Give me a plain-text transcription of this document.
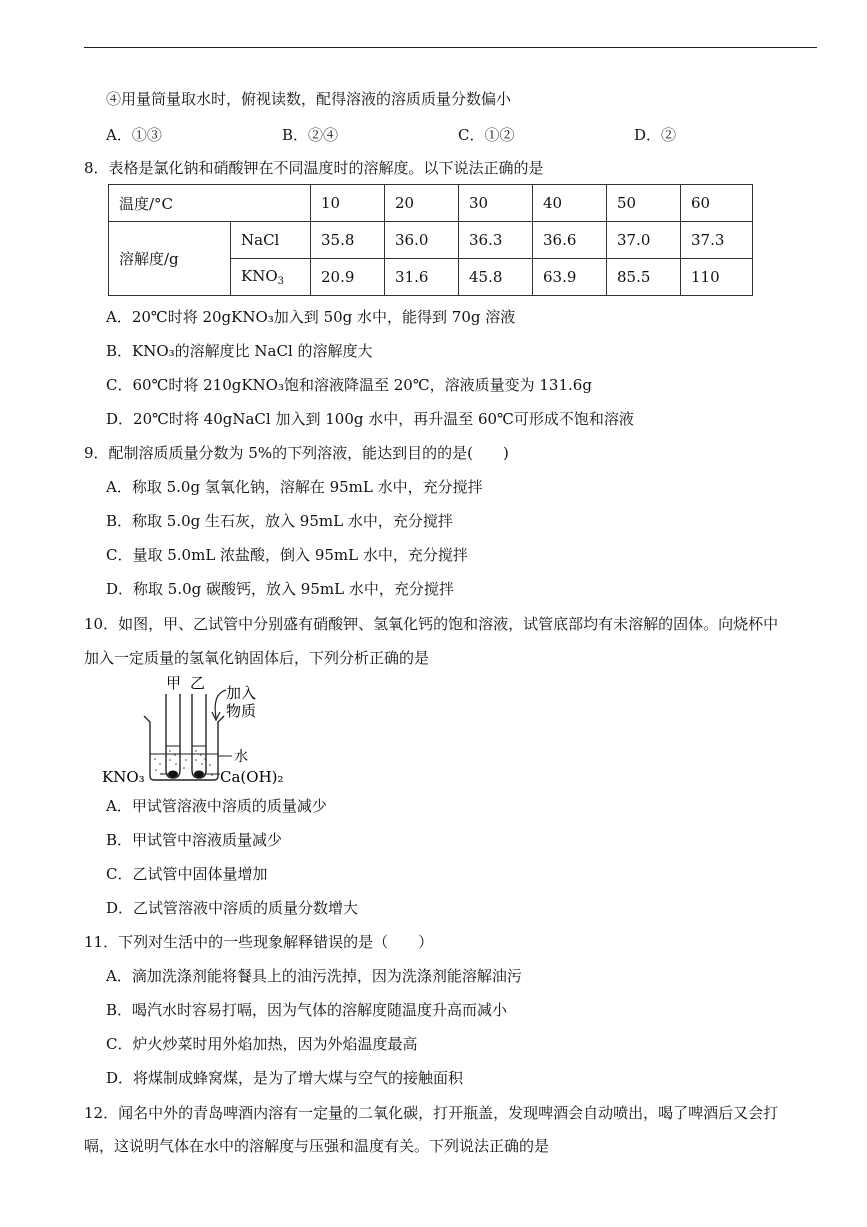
④用量筒量取水时，俯视读数，配得溶液的溶质质量分数偏小
A．①③	B．②④	C．①②	D．②
8．表格是氯化钠和硝酸钾在不同温度时的溶解度。以下说法正确的是
温度/°C		10	20	30	40	50	60
溶解度/g	NaCl	35.8	36.0	36.3	36.6	37.0	37.3
	$KNO_3$	20.9	31.6	45.8	63.9	85.5	110
A．20℃时将 20gKNO₃加入到 50g 水中，能得到 70g 溶液
B．KNO₃的溶解度比 NaCl 的溶解度大
C．60℃时将 210gKNO₃饱和溶液降温至 20℃，溶液质量变为 131.6g
D．20℃时将 40gNaCl 加入到 100g 水中，再升温至 60℃可形成不饱和溶液
9．配制溶质质量分数为 5%的下列溶液，能达到目的的是(　　)
A．称取 5.0g 氢氧化钠，溶解在 95mL 水中，充分搅拌
B．称取 5.0g 生石灰，放入 95mL 水中，充分搅拌
C．量取 5.0mL 浓盐酸，倒入 95mL 水中，充分搅拌
D．称取 5.0g 碳酸钙，放入 95mL 水中，充分搅拌
10．如图，甲、乙试管中分别盛有硝酸钾、氢氧化钙的饱和溶液，试管底部均有未溶解的固体。向烧杯中
加入一定质量的氢氧化钠固体后，下列分析正确的是
甲 乙
加入
物质
水
KNO₃	Ca(OH)₂
A．甲试管溶液中溶质的质量减少
B．甲试管中溶液质量减少
C．乙试管中固体量增加
D．乙试管溶液中溶质的质量分数增大
11．下列对生活中的一些现象解释错误的是（　　）
A．滴加洗涤剂能将餐具上的油污洗掉，因为洗涤剂能溶解油污
B．喝汽水时容易打嗝，因为气体的溶解度随温度升高而减小
C．炉火炒菜时用外焰加热，因为外焰温度最高
D．将煤制成蜂窝煤，是为了增大煤与空气的接触面积
12．闻名中外的青岛啤酒内溶有一定量的二氧化碳，打开瓶盖，发现啤酒会自动喷出，喝了啤酒后又会打
嗝，这说明气体在水中的溶解度与压强和温度有关。下列说法正确的是
